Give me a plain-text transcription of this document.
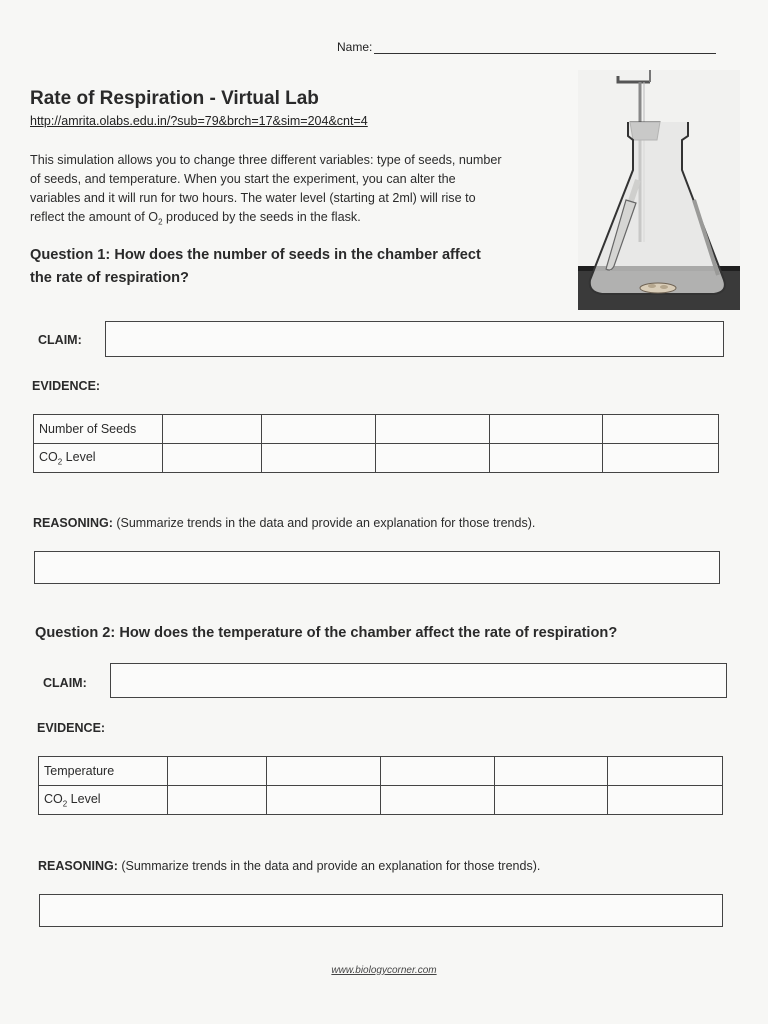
Name:
Rate of Respiration - Virtual Lab
http://amrita.olabs.edu.in/?sub=79&brch=17&sim=204&cnt=4
This simulation allows you to change three different variables: type of seeds, number
of seeds, and temperature. When you start the experiment, you can alter the
variables and it will run for two hours. The water level (starting at 2ml) will rise to
reflect the amount of $O_2$ produced by the seeds in the flask.
Question 1: How does the number of seeds in the chamber affect
the rate of respiration?
CLAIM:
EVIDENCE:
Number of Seeds					
$CO_2$ Level					
REASONING: (Summarize trends in the data and provide an explanation for those trends).
Question 2: How does the temperature of the chamber affect the rate of respiration?
CLAIM:
EVIDENCE:
Temperature					
$CO_2$ Level					
REASONING: (Summarize trends in the data and provide an explanation for those trends).
www.biologycorner.com
